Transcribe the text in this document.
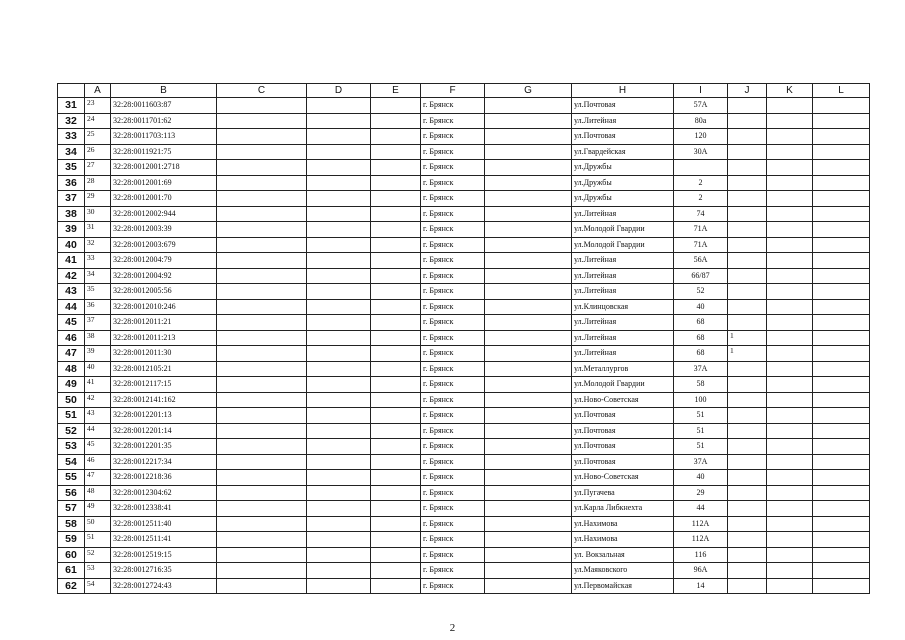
	A	B	C	D	E	F	G	H	I	J	K	L
31	23	32:28:0011603:87				г. Брянск		ул.Почтовая	57А			
32	24	32:28:0011701:62				г. Брянск		ул.Литейная	80а			
33	25	32:28:0011703:113				г. Брянск		ул.Почтовая	120			
34	26	32:28:0011921:75				г. Брянск		ул.Гвардейская	30А			
35	27	32:28:0012001:2718				г. Брянск		ул.Дружбы				
36	28	32:28:0012001:69				г. Брянск		ул.Дружбы	2			
37	29	32:28:0012001:70				г. Брянск		ул.Дружбы	2			
38	30	32:28:0012002:944				г. Брянск		ул.Литейная	74			
39	31	32:28:0012003:39				г. Брянск		ул.Молодой Гвардии	71А			
40	32	32:28:0012003:679				г. Брянск		ул.Молодой Гвардии	71А			
41	33	32:28:0012004:79				г. Брянск		ул.Литейная	56А			
42	34	32:28:0012004:92				г. Брянск		ул.Литейная	66/87			
43	35	32:28:0012005:56				г. Брянск		ул.Литейная	52			
44	36	32:28:0012010:246				г. Брянск		ул.Клинцовская	40			
45	37	32:28:0012011:21				г. Брянск		ул.Литейная	68			
46	38	32:28:0012011:213				г. Брянск		ул.Литейная	68	1		
47	39	32:28:0012011:30				г. Брянск		ул.Литейная	68	1		
48	40	32:28:0012105:21				г. Брянск		ул.Металлургов	37А			
49	41	32:28:0012117:15				г. Брянск		ул.Молодой Гвардии	58			
50	42	32:28:0012141:162				г. Брянск		ул.Ново-Советская	100			
51	43	32:28:0012201:13				г. Брянск		ул.Почтовая	51			
52	44	32:28:0012201:14				г. Брянск		ул.Почтовая	51			
53	45	32:28:0012201:35				г. Брянск		ул.Почтовая	51			
54	46	32:28:0012217:34				г. Брянск		ул.Почтовая	37А			
55	47	32:28:0012218:36				г. Брянск		ул.Ново-Советская	40			
56	48	32:28:0012304:62				г. Брянск		ул.Пугачева	29			
57	49	32:28:0012338:41				г. Брянск		ул.Карла Либкнехта	44			
58	50	32:28:0012511:40				г. Брянск		ул.Нахимова	112А			
59	51	32:28:0012511:41				г. Брянск		ул.Нахимова	112А			
60	52	32:28:0012519:15				г. Брянск		ул. Вокзальная	116			
61	53	32:28:0012716:35				г. Брянск		ул.Маяковского	96А			
62	54	32:28:0012724:43				г. Брянск		ул.Первомайская	14			
2
